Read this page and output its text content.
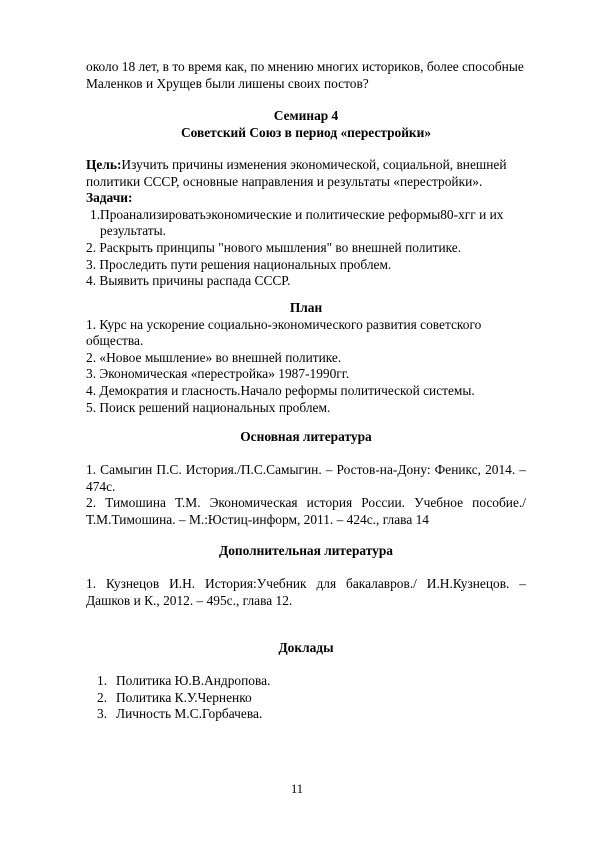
около 18 лет, в то время как, по мнению многих историков, более способные

Маленков и Хрущев были лишены своих постов?

Семинар 4

Советский Союз в период «перестройки»

Цель:Изучить причины изменения экономической, социальной, внешней политики СССР, основные направления и результаты «перестройки».

Задачи:

1.Проанализироватьэкономические и политические реформы80-хгг и их результаты.

2. Раскрыть принципы "нового мышления" во внешней политике.

3. Проследить пути решения национальных проблем.

4. Выявить причины распада СССР.

План

1. Курс на ускорение социально-экономического развития советского общества.

2. «Новое мышление» во внешней политике.

3. Экономическая «перестройка» 1987-1990гг.

4. Демократия и гласность.Начало реформы политической системы.

5. Поиск решений национальных проблем.

Основная литература

1. Самыгин П.С. История./П.С.Самыгин. – Ростов-на-Дону: Феникс, 2014. – 474с.

2. Тимошина Т.М. Экономическая история России. Учебное пособие./ Т.М.Тимошина. – М.:Юстиц-информ, 2011. – 424с., глава 14

Дополнительная литература

1. Кузнецов И.Н. История:Учебник для бакалавров./ И.Н.Кузнецов. – Дашков и К., 2012. – 495с., глава 12.

Доклады

1. Политика Ю.В.Андропова.
2. Политика К.У.Черненко
3. Личность М.С.Горбачева.
11
